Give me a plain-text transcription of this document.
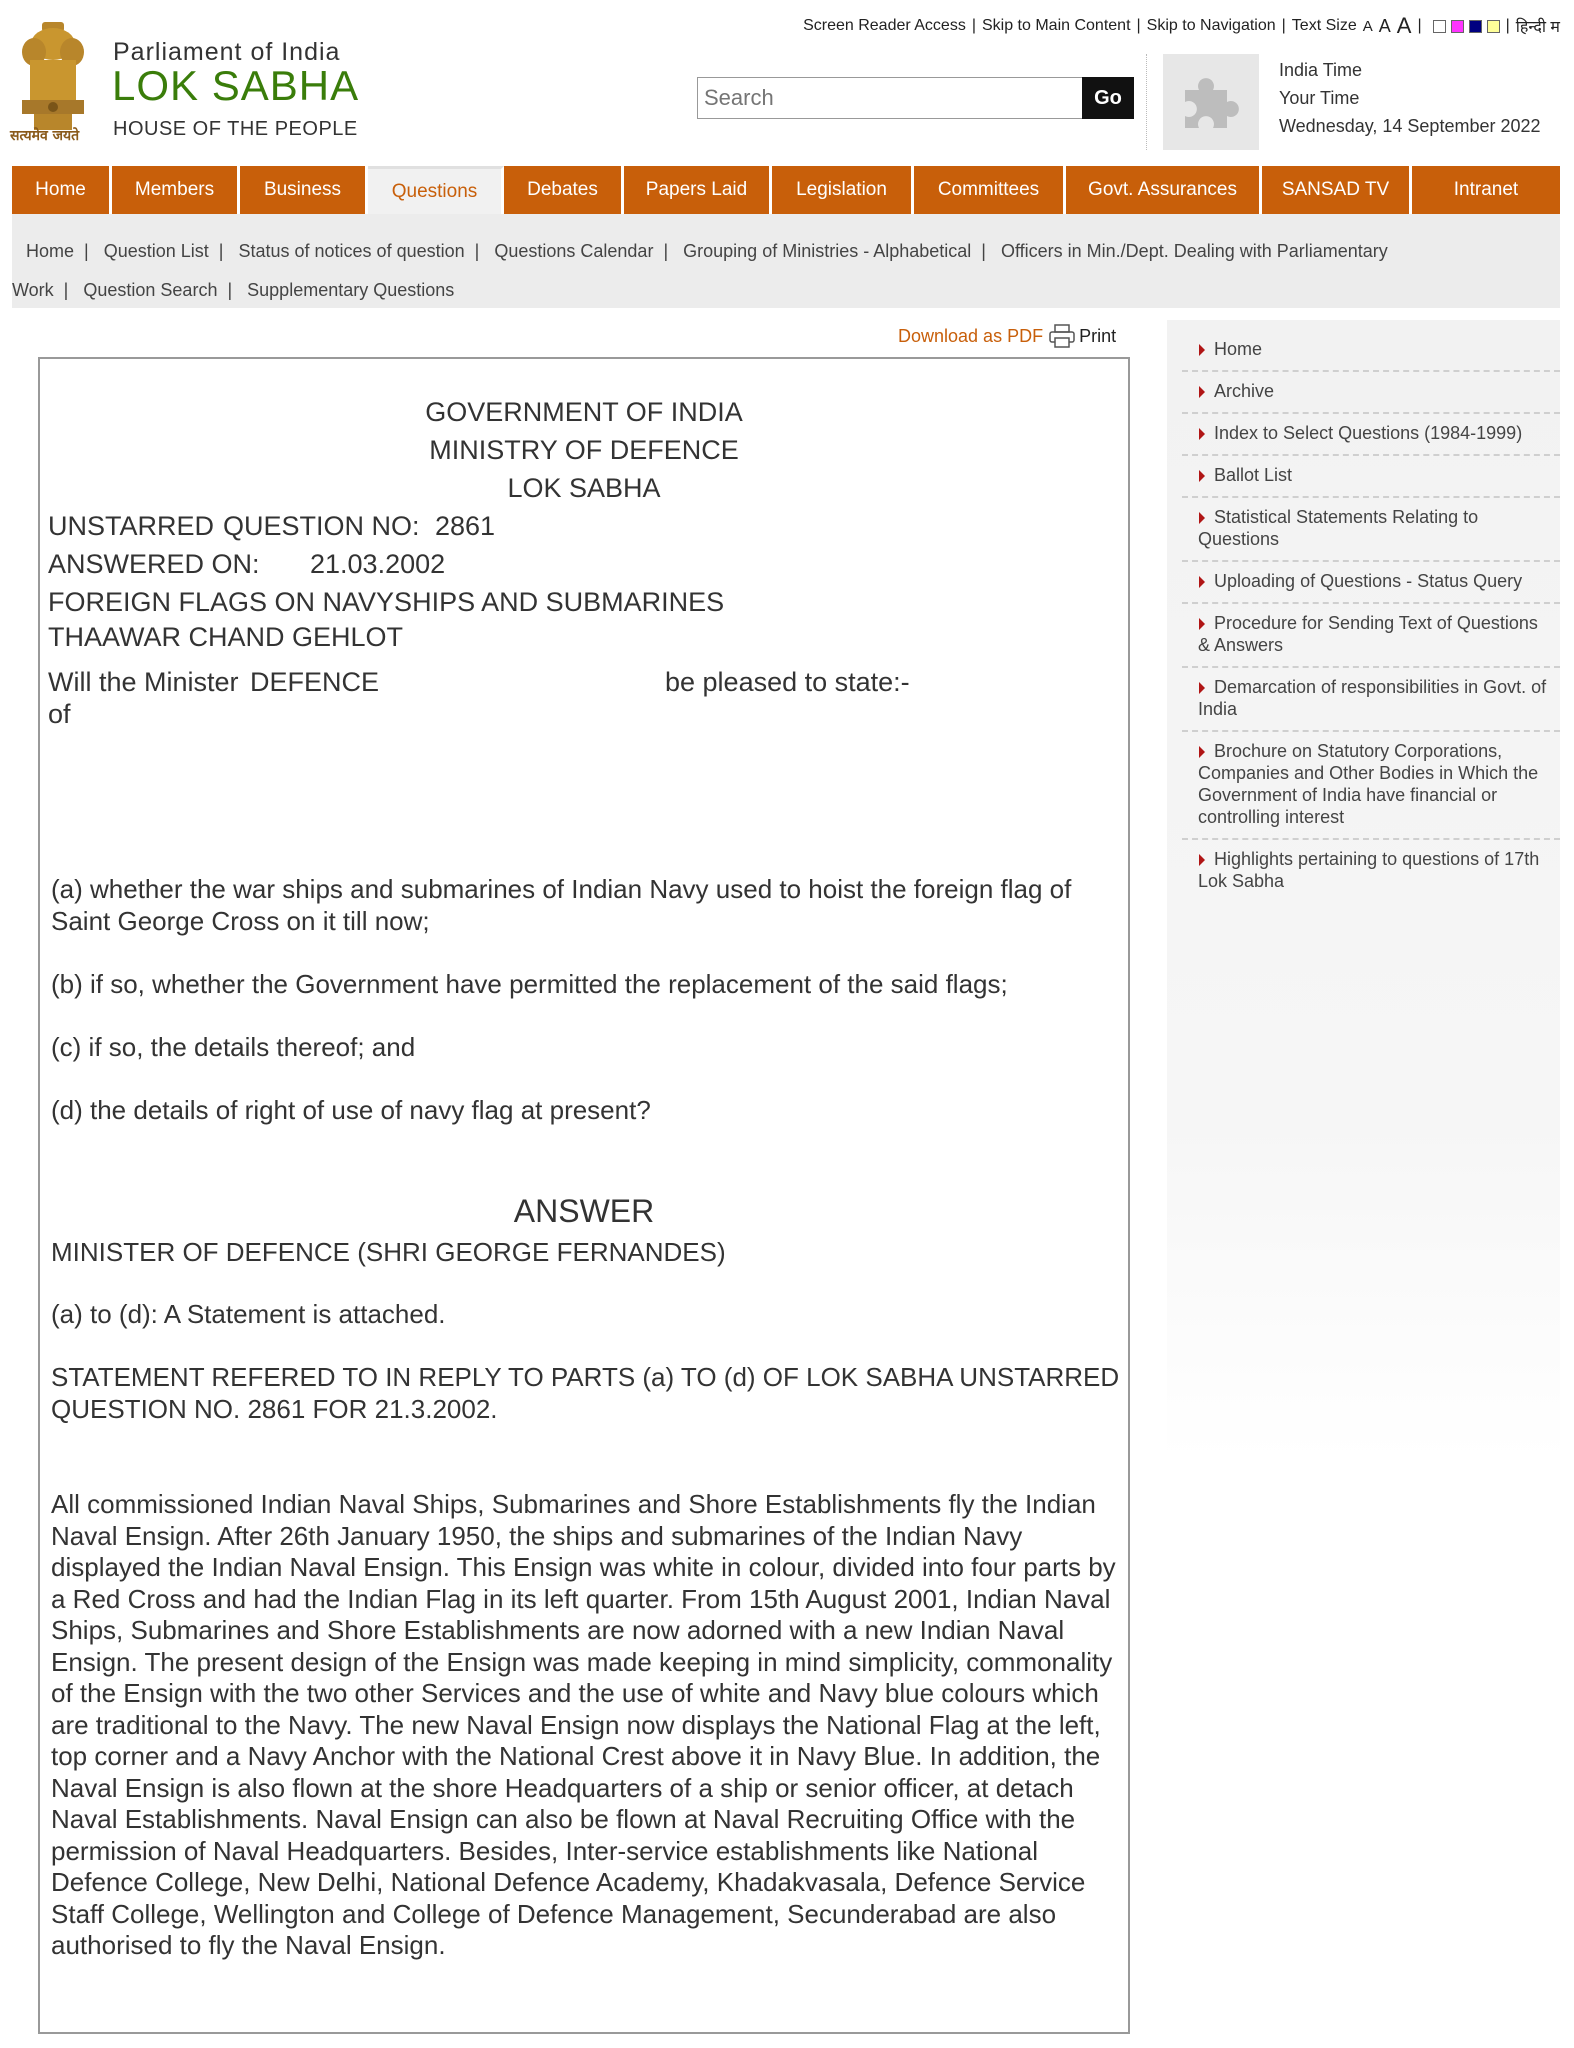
Screen Reader Access | Skip to Main Content | Skip to Navigation | Text Size A A A |	| हिन्दी म
सत्यमेव जयते
Parliament of India
LOK SABHA
HOUSE OF THE PEOPLE
Search
Go
India Time
Your Time
Wednesday, 14 September 2022
Home	Members	Business	Questions	Debates	Papers Laid	Legislation	Committees	Govt. Assurances	SANSAD TV	Intranet
Home | Question List | Status of notices of question | Questions Calendar | Grouping of Ministries - Alphabetical | Officers in Min./Dept. Dealing with Parliamentary
Work | Question Search | Supplementary Questions
Download as PDF Print
GOVERNMENT OF INDIA
MINISTRY OF DEFENCE
LOK SABHA
UNSTARRED QUESTION NO: 2861
ANSWERED ON: 21.03.2002
FOREIGN FLAGS ON NAVYSHIPS AND SUBMARINES
THAAWAR CHAND GEHLOT
Will the Minister DEFENCE	be pleased to state:-
of
(a) whether the war ships and submarines of Indian Navy used to hoist the foreign flag of Saint George Cross on it till now;
(b) if so, whether the Government have permitted the replacement of the said flags;
(c) if so, the details thereof; and
(d) the details of right of use of navy flag at present?
ANSWER
MINISTER OF DEFENCE (SHRI GEORGE FERNANDES)
(a) to (d): A Statement is attached.
STATEMENT REFERED TO IN REPLY TO PARTS (a) TO (d) OF LOK SABHA UNSTARRED QUESTION NO. 2861 FOR 21.3.2002.
All commissioned Indian Naval Ships, Submarines and Shore Establishments fly the Indian Naval Ensign. After 26th January 1950, the ships and submarines of the Indian Navy displayed the Indian Naval Ensign. This Ensign was white in colour, divided into four parts by a Red Cross and had the Indian Flag in its left quarter. From 15th August 2001, Indian Naval Ships, Submarines and Shore Establishments are now adorned with a new Indian Naval Ensign. The present design of the Ensign was made keeping in mind simplicity, commonality of the Ensign with the two other Services and the use of white and Navy blue colours which are traditional to the Navy. The new Naval Ensign now displays the National Flag at the left, top corner and a Navy Anchor with the National Crest above it in Navy Blue. In addition, the Naval Ensign is also flown at the shore Headquarters of a ship or senior officer, at detach Naval Establishments. Naval Ensign can also be flown at Naval Recruiting Office with the permission of Naval Headquarters. Besides, Inter-service establishments like National Defence College, New Delhi, National Defence Academy, Khadakvasala, Defence Service Staff College, Wellington and College of Defence Management, Secunderabad are also authorised to fly the Naval Ensign.
Home
Archive
Index to Select Questions (1984-1999)
Ballot List
Statistical Statements Relating to Questions
Uploading of Questions - Status Query
Procedure for Sending Text of Questions & Answers
Demarcation of responsibilities in Govt. of India
Brochure on Statutory Corporations, Companies and Other Bodies in Which the Government of India have financial or controlling interest
Highlights pertaining to questions of 17th Lok Sabha
